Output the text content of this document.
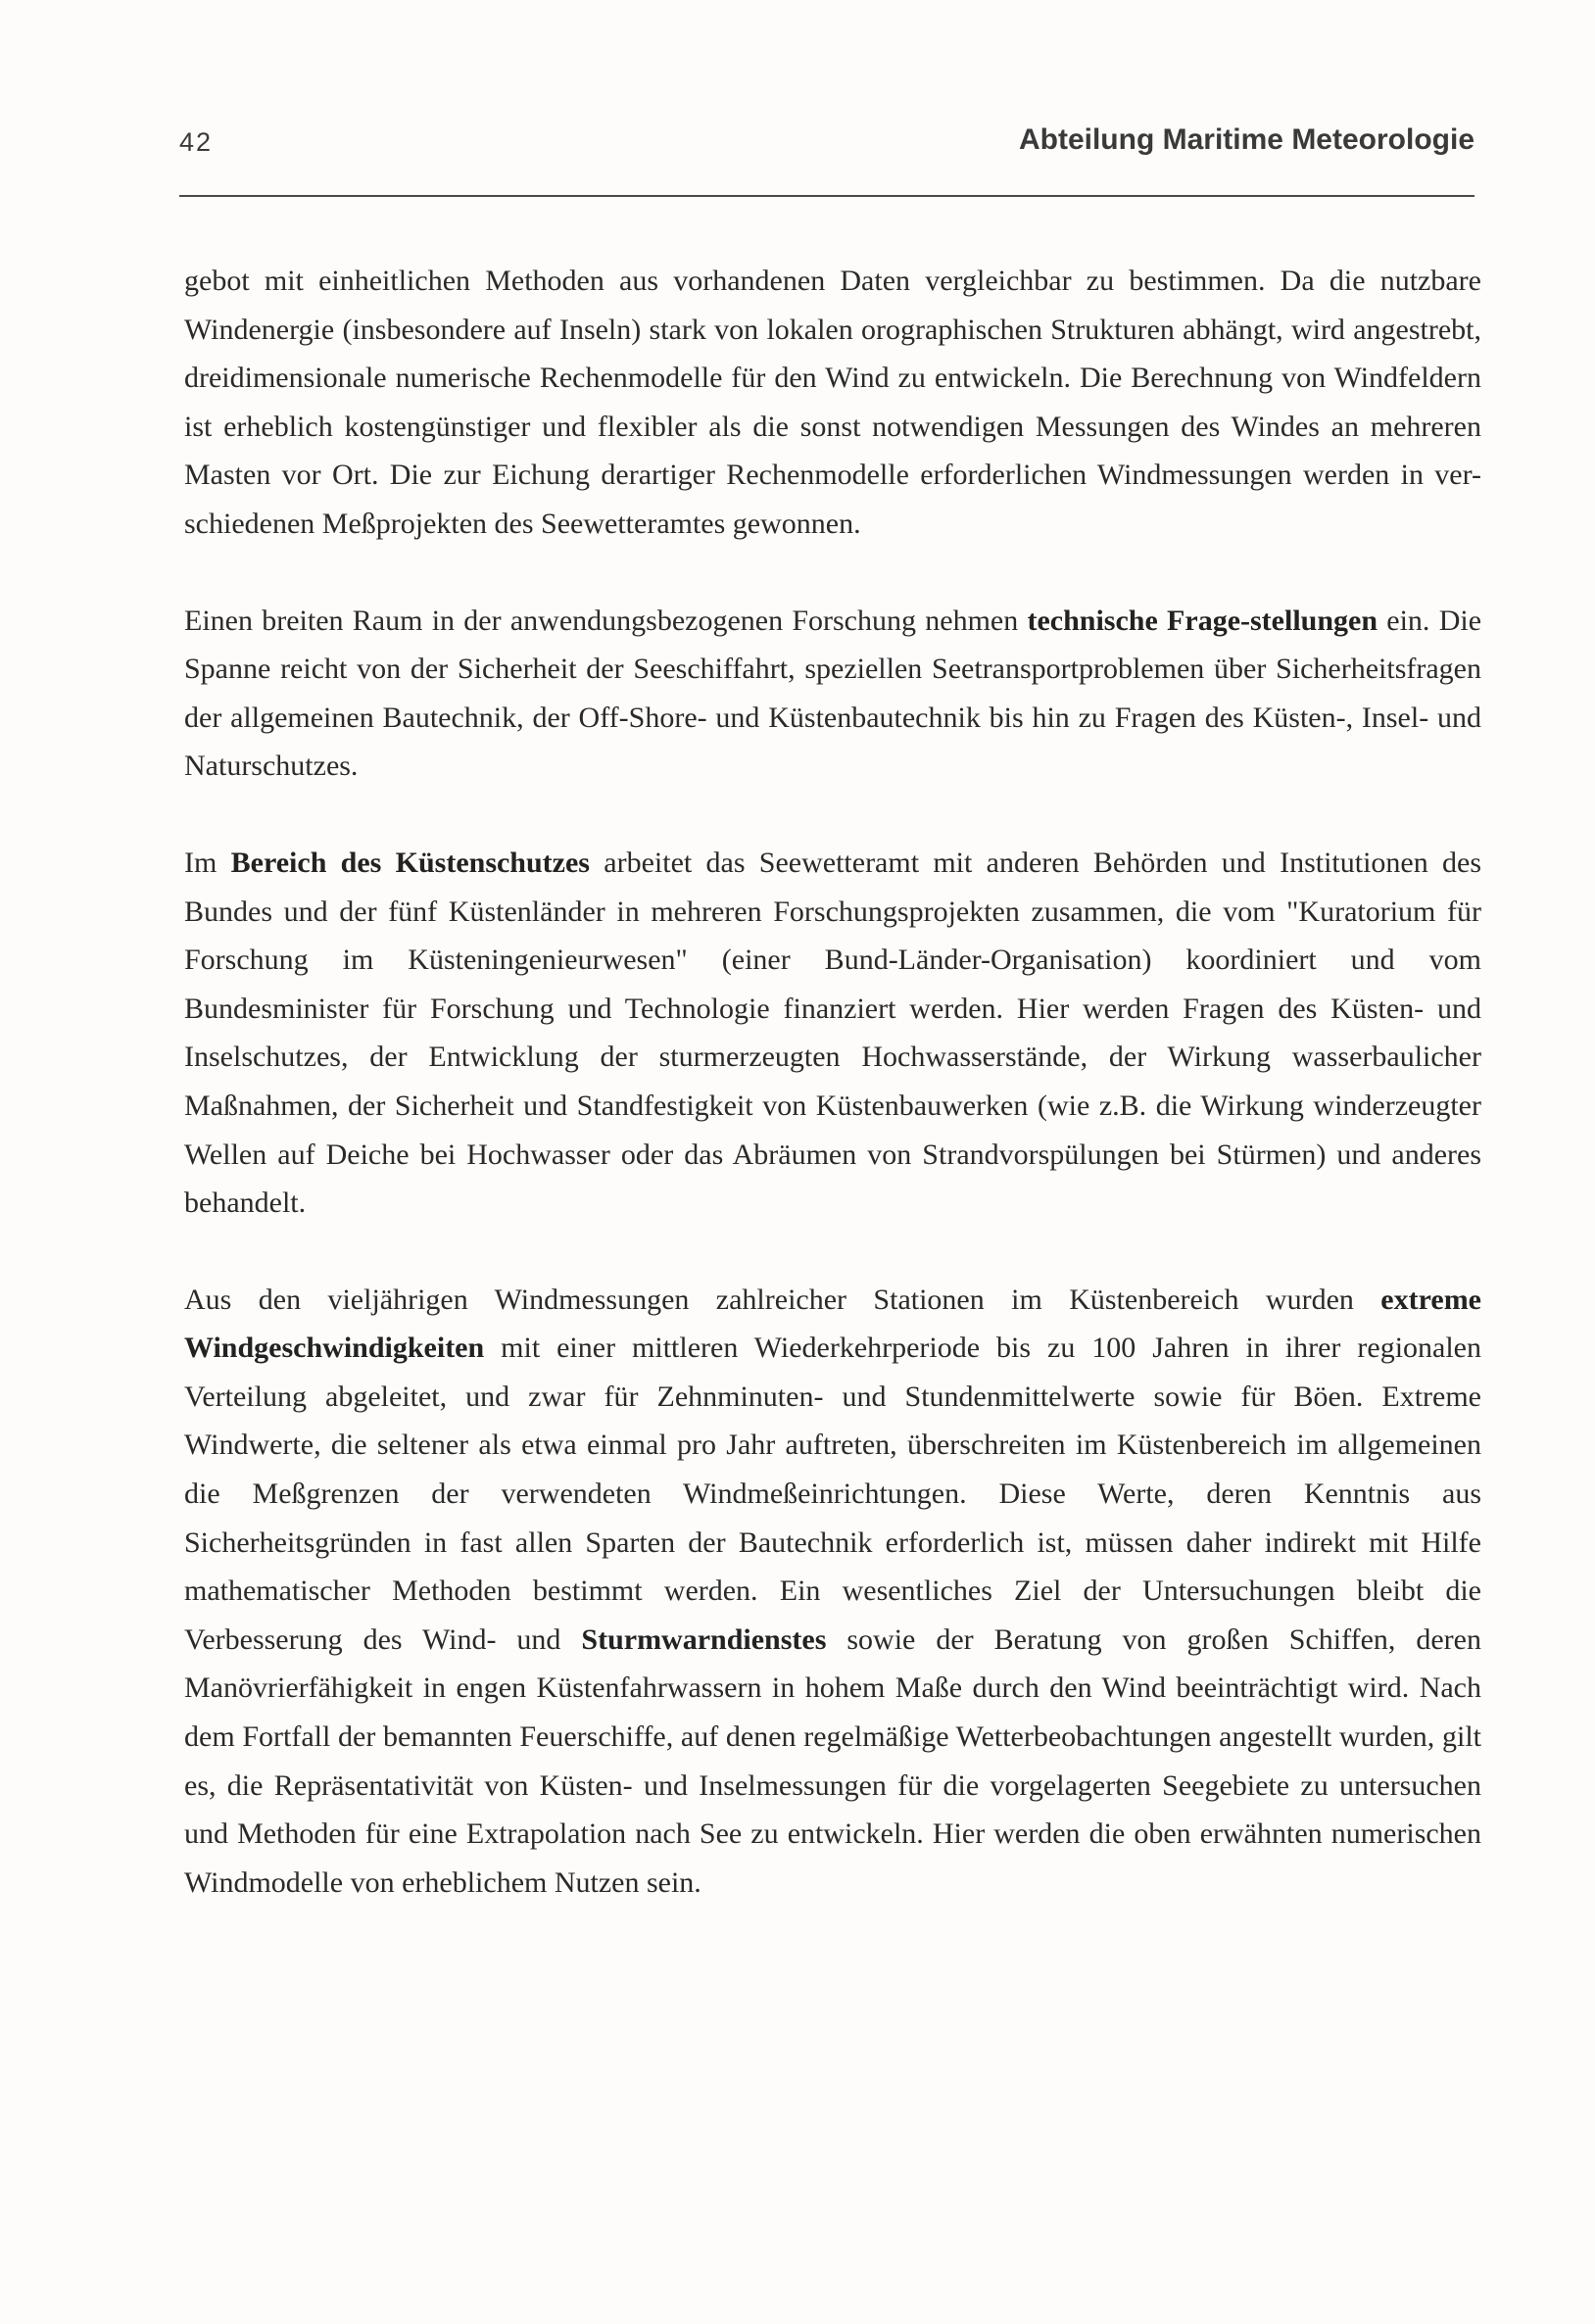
42	Abteilung Maritime Meteorologie

gebot mit einheitlichen Methoden aus vorhandenen Daten vergleichbar zu bestimmen. Da die nutzbare Windenergie (insbesondere auf Inseln) stark von lokalen orographischen Strukturen abhängt, wird angestrebt, dreidimensionale numerische Rechenmodelle für den Wind zu entwickeln. Die Berechnung von Windfeldern ist erheblich kostengünstiger und flexibler als die sonst notwendigen Messungen des Windes an mehreren Masten vor Ort. Die zur Eichung derartiger Rechenmodelle erforderlichen Windmessungen werden in ver-schiedenen Meßprojekten des Seewetteramtes gewonnen.

Einen breiten Raum in der anwendungsbezogenen Forschung nehmen technische Frage-stellungen ein. Die Spanne reicht von der Sicherheit der Seeschiffahrt, speziellen Seetransportproblemen über Sicherheitsfragen der allgemeinen Bautechnik, der Off-Shore- und Küstenbautechnik bis hin zu Fragen des Küsten-, Insel- und Naturschutzes.

Im Bereich des Küstenschutzes arbeitet das Seewetteramt mit anderen Behörden und Institutionen des Bundes und der fünf Küstenländer in mehreren Forschungsprojekten zusammen, die vom "Kuratorium für Forschung im Küsteningenieurwesen" (einer Bund-Länder-Organisation) koordiniert und vom Bundesminister für Forschung und Technologie finanziert werden. Hier werden Fragen des Küsten- und Inselschutzes, der Entwicklung der sturmerzeugten Hochwasserstände, der Wirkung wasserbaulicher Maßnahmen, der Sicherheit und Standfestigkeit von Küstenbauwerken (wie z.B. die Wirkung winderzeugter Wellen auf Deiche bei Hochwasser oder das Abräumen von Strandvorspülungen bei Stürmen) und anderes behandelt.

Aus den vieljährigen Windmessungen zahlreicher Stationen im Küstenbereich wurden extreme Windgeschwindigkeiten mit einer mittleren Wiederkehrperiode bis zu 100 Jahren in ihrer regionalen Verteilung abgeleitet, und zwar für Zehnminuten- und Stundenmittelwerte sowie für Böen. Extreme Windwerte, die seltener als etwa einmal pro Jahr auftreten, überschreiten im Küstenbereich im allgemeinen die Meßgrenzen der verwendeten Windmeßeinrichtungen. Diese Werte, deren Kenntnis aus Sicherheitsgründen in fast allen Sparten der Bautechnik erforderlich ist, müssen daher indirekt mit Hilfe mathematischer Methoden bestimmt werden. Ein wesentliches Ziel der Untersuchungen bleibt die Verbesserung des Wind- und Sturmwarndienstes sowie der Beratung von großen Schiffen, deren Manövrierfähigkeit in engen Küstenfahrwassern in hohem Maße durch den Wind beeinträchtigt wird. Nach dem Fortfall der bemannten Feuerschiffe, auf denen regelmäßige Wetterbeobachtungen angestellt wurden, gilt es, die Repräsentativität von Küsten- und Inselmessungen für die vorgelagerten Seegebiete zu untersuchen und Methoden für eine Extrapolation nach See zu entwickeln. Hier werden die oben erwähnten numerischen Windmodelle von erheblichem Nutzen sein.
